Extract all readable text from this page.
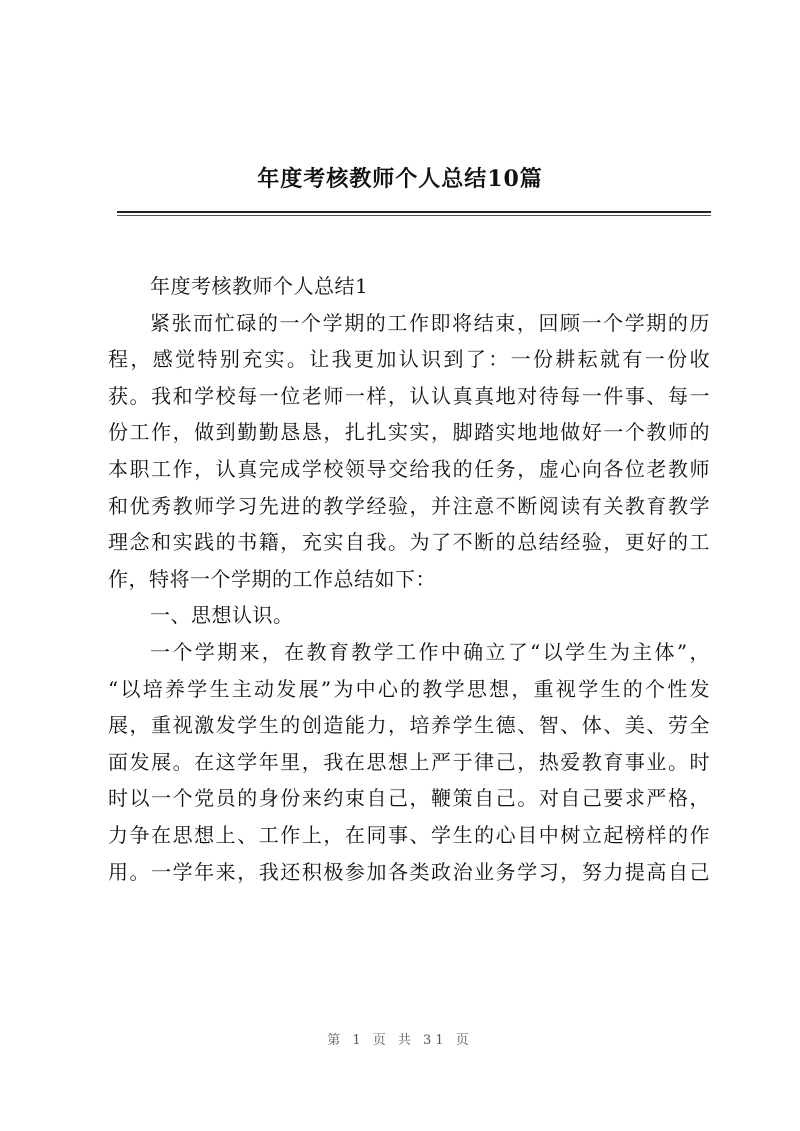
年度考核教师个人总结10篇
年度考核教师个人总结1
紧张而忙碌的一个学期的工作即将结束，回顾一个学期的历
程，感觉特别充实。让我更加认识到了：一份耕耘就有一份收
获。我和学校每一位老师一样，认认真真地对待每一件事、每一
份工作，做到勤勤恳恳，扎扎实实，脚踏实地地做好一个教师的
本职工作，认真完成学校领导交给我的任务，虚心向各位老教师
和优秀教师学习先进的教学经验，并注意不断阅读有关教育教学
理念和实践的书籍，充实自我。为了不断的总结经验，更好的工
作，特将一个学期的工作总结如下：
一、思想认识。
一个学期来，在教育教学工作中确立了“以学生为主体”，
“以培养学生主动发展”为中心的教学思想，重视学生的个性发
展，重视激发学生的创造能力，培养学生德、智、体、美、劳全
面发展。在这学年里，我在思想上严于律己，热爱教育事业。时
时以一个党员的身份来约束自己，鞭策自己。对自己要求严格，
力争在思想上、工作上，在同事、学生的心目中树立起榜样的作
用。一学年来，我还积极参加各类政治业务学习，努力提高自己
第 1 页 共 31 页
